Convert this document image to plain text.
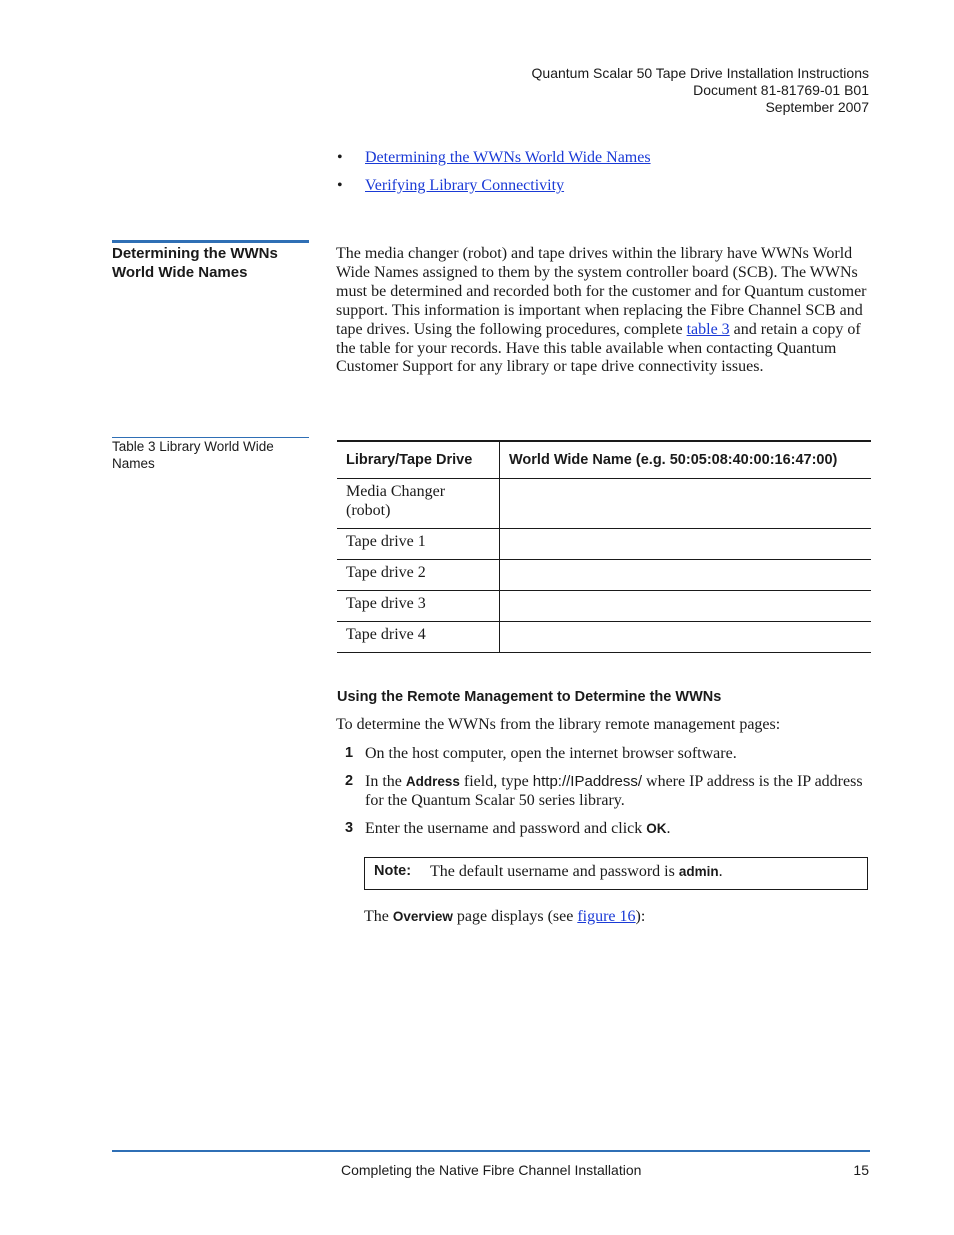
Quantum Scalar 50 Tape Drive Installation Instructions
Document 81-81769-01 B01
September 2007
• Determining the WWNs World Wide Names
• Verifying Library Connectivity
Determining the WWNs World Wide Names
The media changer (robot) and tape drives within the library have WWNs World Wide Names assigned to them by the system controller board (SCB). The WWNs must be determined and recorded both for the customer and for Quantum customer support. This information is important when replacing the Fibre Channel SCB and tape drives. Using the following procedures, complete table 3 and retain a copy of the table for your records. Have this table available when contacting Quantum Customer Support for any library or tape drive connectivity issues.
Table 3 Library World Wide Names	Library/Tape Drive	World Wide Name (e.g. 50:05:08:40:00:16:47:00)
Media Changer (robot)	
Tape drive 1	
Tape drive 2	
Tape drive 3	
Tape drive 4	
Using the Remote Management to Determine the WWNs
To determine the WWNs from the library remote management pages:
1 On the host computer, open the internet browser software.
2 In the Address field, type http://IPaddress/ where IP address is the IP address for the Quantum Scalar 50 series library.
3 Enter the username and password and click OK.
Note: The default username and password is admin.
The Overview page displays (see figure 16):
Completing the Native Fibre Channel Installation	15
